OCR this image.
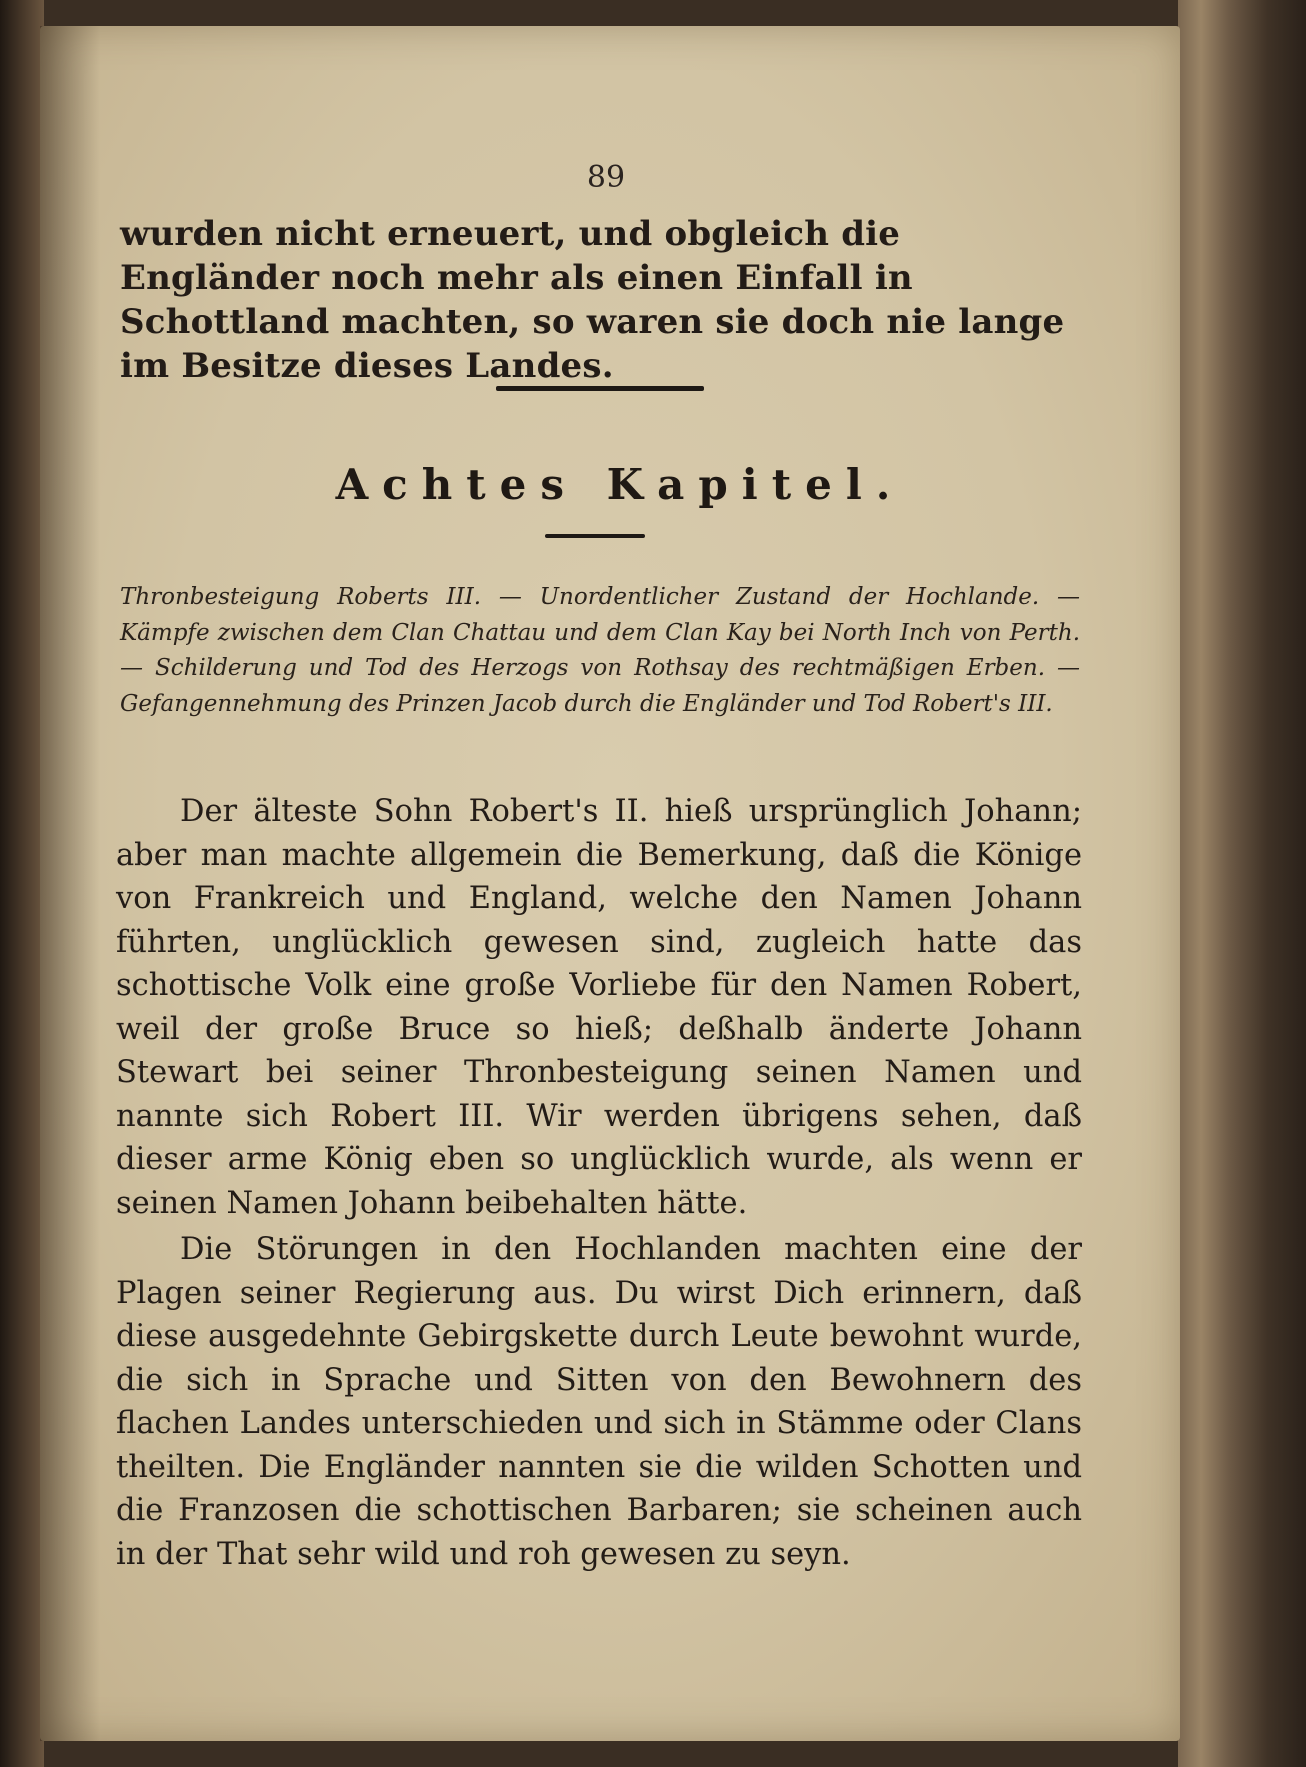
89
wurden nicht erneuert, und obgleich die Engländer noch mehr als einen Einfall in Schottland machten, so waren sie doch nie lange im Besitze dieses Landes.
Achtes Kapitel.
Thronbesteigung Roberts III. — Unordentlicher Zustand der Hochlande. — Kämpfe zwischen dem Clan Chattau und dem Clan Kay bei North Inch von Perth. — Schilderung und Tod des Herzogs von Rothsay des rechtmäßigen Erben. — Gefangennehmung des Prinzen Jacob durch die Engländer und Tod Robert's III.
Der älteste Sohn Robert's II. hieß ursprünglich Johann; aber man machte allgemein die Bemerkung, daß die Könige von Frankreich und England, welche den Namen Johann führten, unglücklich gewesen sind, zugleich hatte das schottische Volk eine große Vorliebe für den Namen Robert, weil der große Bruce so hieß; deßhalb änderte Johann Stewart bei seiner Thronbesteigung seinen Namen und nannte sich Robert III. Wir werden übrigens sehen, daß dieser arme König eben so unglücklich wurde, als wenn er seinen Namen Johann beibehalten hätte.
Die Störungen in den Hochlanden machten eine der Plagen seiner Regierung aus. Du wirst Dich erinnern, daß diese ausgedehnte Gebirgskette durch Leute bewohnt wurde, die sich in Sprache und Sitten von den Bewohnern des flachen Landes unterschieden und sich in Stämme oder Clans theilten. Die Engländer nannten sie die wilden Schotten und die Franzosen die schottischen Barbaren; sie scheinen auch in der That sehr wild und roh gewesen zu seyn.
